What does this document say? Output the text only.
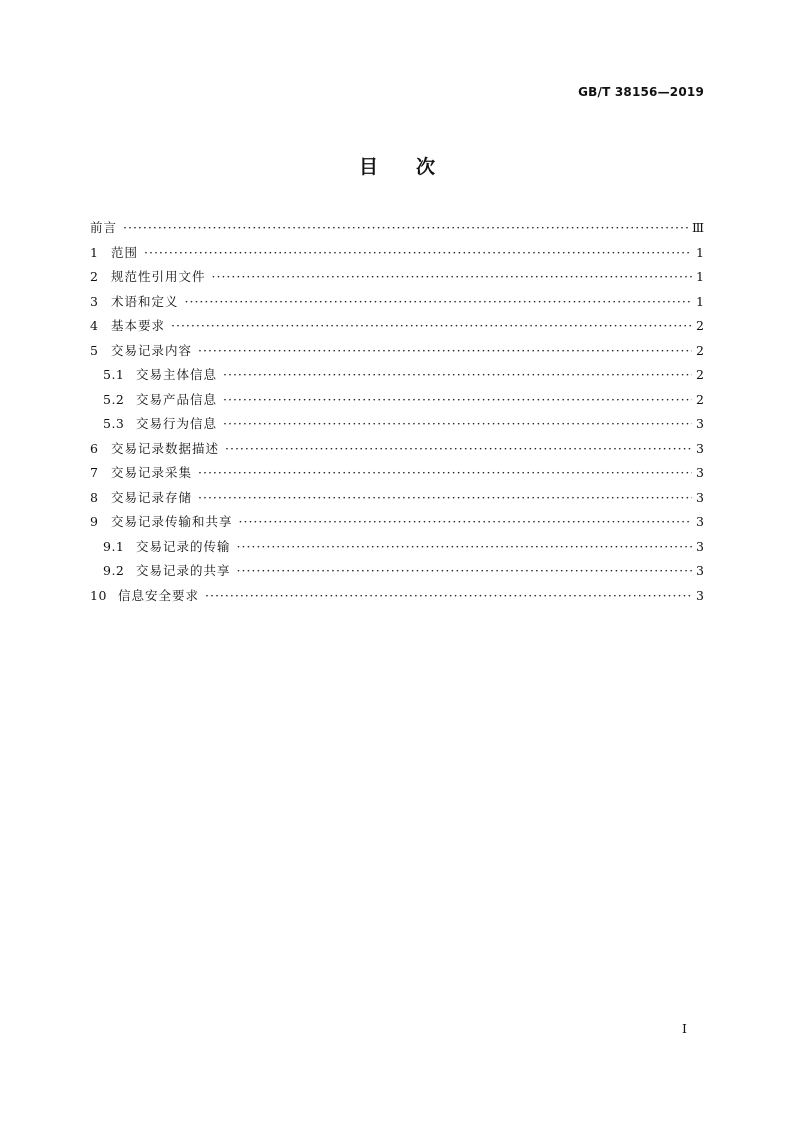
GB/T 38156—2019
目次
前言 ·····	Ⅲ
1	范围 ·····	1
2	规范性引用文件 ·····	1
3	术语和定义 ·····	1
4	基本要求 ·····	2
5	交易记录内容 ·····	2
5.1 交易主体信息 ·····	2
5.2 交易产品信息 ·····	2
5.3 交易行为信息 ·····	3
6	交易记录数据描述 ·····	3
7	交易记录采集 ·····	3
8	交易记录存储 ·····	3
9	交易记录传输和共享 ·····	3
9.1 交易记录的传输 ·····	3
9.2 交易记录的共享 ·····	3
10 信息安全要求 ·····	3
I
